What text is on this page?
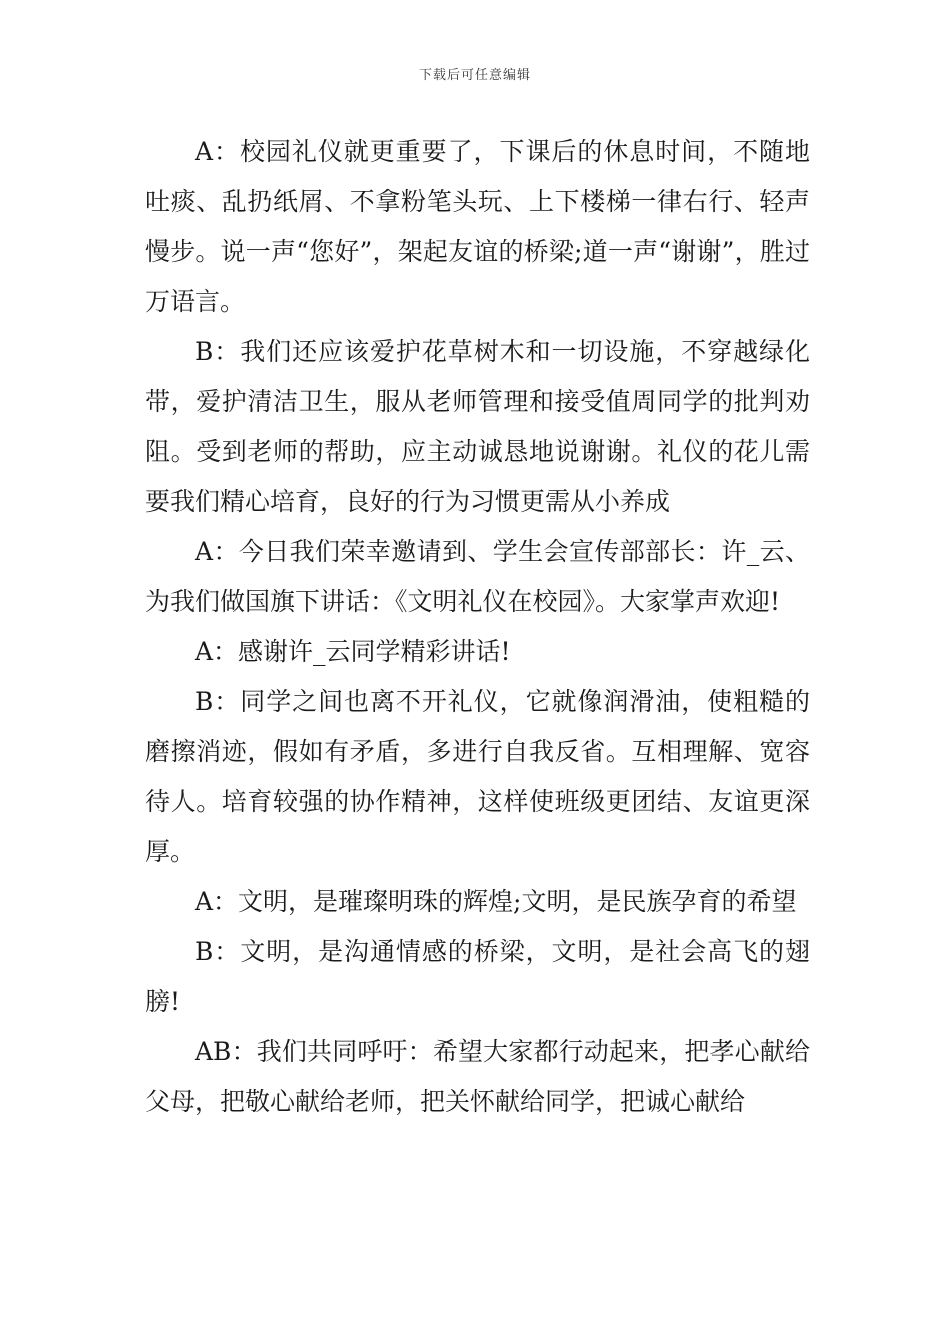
下载后可任意编辑

A：校园礼仪就更重要了，下课后的休息时间，不随地吐痰、乱扔纸屑、不拿粉笔头玩、上下楼梯一律右行、轻声慢步。说一声“您好”，架起友谊的桥梁;道一声“谢谢”，胜过万语言。

B：我们还应该爱护花草树木和一切设施，不穿越绿化带，爱护清洁卫生，服从老师管理和接受值周同学的批判劝阻。受到老师的帮助，应主动诚恳地说谢谢。礼仪的花儿需要我们精心培育，良好的行为习惯更需从小养成

A：今日我们荣幸邀请到、学生会宣传部部长：许_云、为我们做国旗下讲话：《文明礼仪在校园》。大家掌声欢迎!

A：感谢许_云同学精彩讲话!

B：同学之间也离不开礼仪，它就像润滑油，使粗糙的磨擦消迹，假如有矛盾，多进行自我反省。互相理解、宽容待人。培育较强的协作精神，这样使班级更团结、友谊更深厚。

A：文明，是璀璨明珠的辉煌;文明，是民族孕育的希望

B：文明，是沟通情感的桥梁，文明，是社会高飞的翅膀!

AB：我们共同呼吁：希望大家都行动起来，把孝心献给父母，把敬心献给老师，把关怀献给同学，把诚心献给
